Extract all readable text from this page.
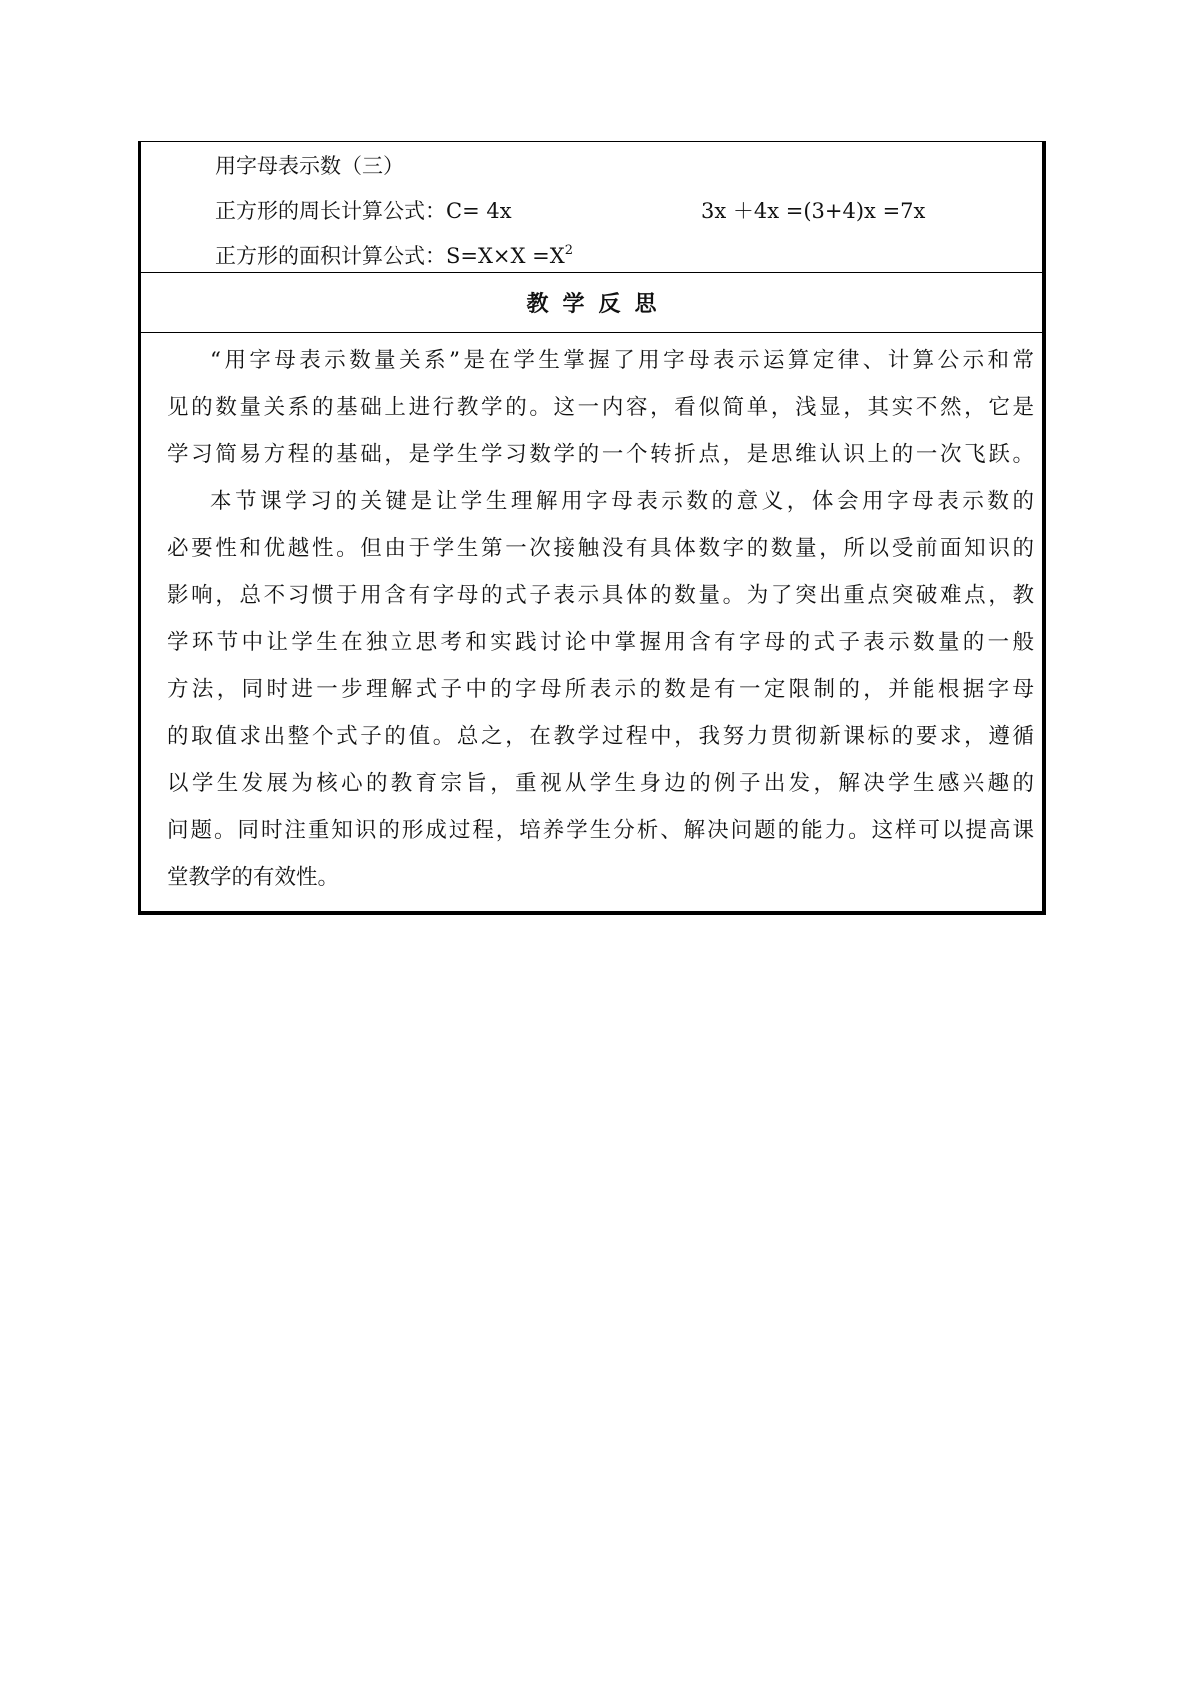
用字母表示数（三）
正方形的周长计算公式：C= 4x	3x ＋4x =(3+4)x =7x
正方形的面积计算公式：$S=X\times X =X^2$
教学反思

“用字母表示数量关系”是在学生掌握了用字母表示运算定律、计算公示和常
见的数量关系的基础上进行教学的。这一内容，看似简单，浅显，其实不然，它是
学习简易方程的基础，是学生学习数学的一个转折点，是思维认识上的一次飞跃。

本节课学习的关键是让学生理解用字母表示数的意义，体会用字母表示数的
必要性和优越性。但由于学生第一次接触没有具体数字的数量，所以受前面知识的
影响，总不习惯于用含有字母的式子表示具体的数量。为了突出重点突破难点，教
学环节中让学生在独立思考和实践讨论中掌握用含有字母的式子表示数量的一般
方法，同时进一步理解式子中的字母所表示的数是有一定限制的，并能根据字母
的取值求出整个式子的值。总之，在教学过程中，我努力贯彻新课标的要求，遵循
以学生发展为核心的教育宗旨，重视从学生身边的例子出发，解决学生感兴趣的
问题。同时注重知识的形成过程，培养学生分析、解决问题的能力。这样可以提高课
堂教学的有效性。
